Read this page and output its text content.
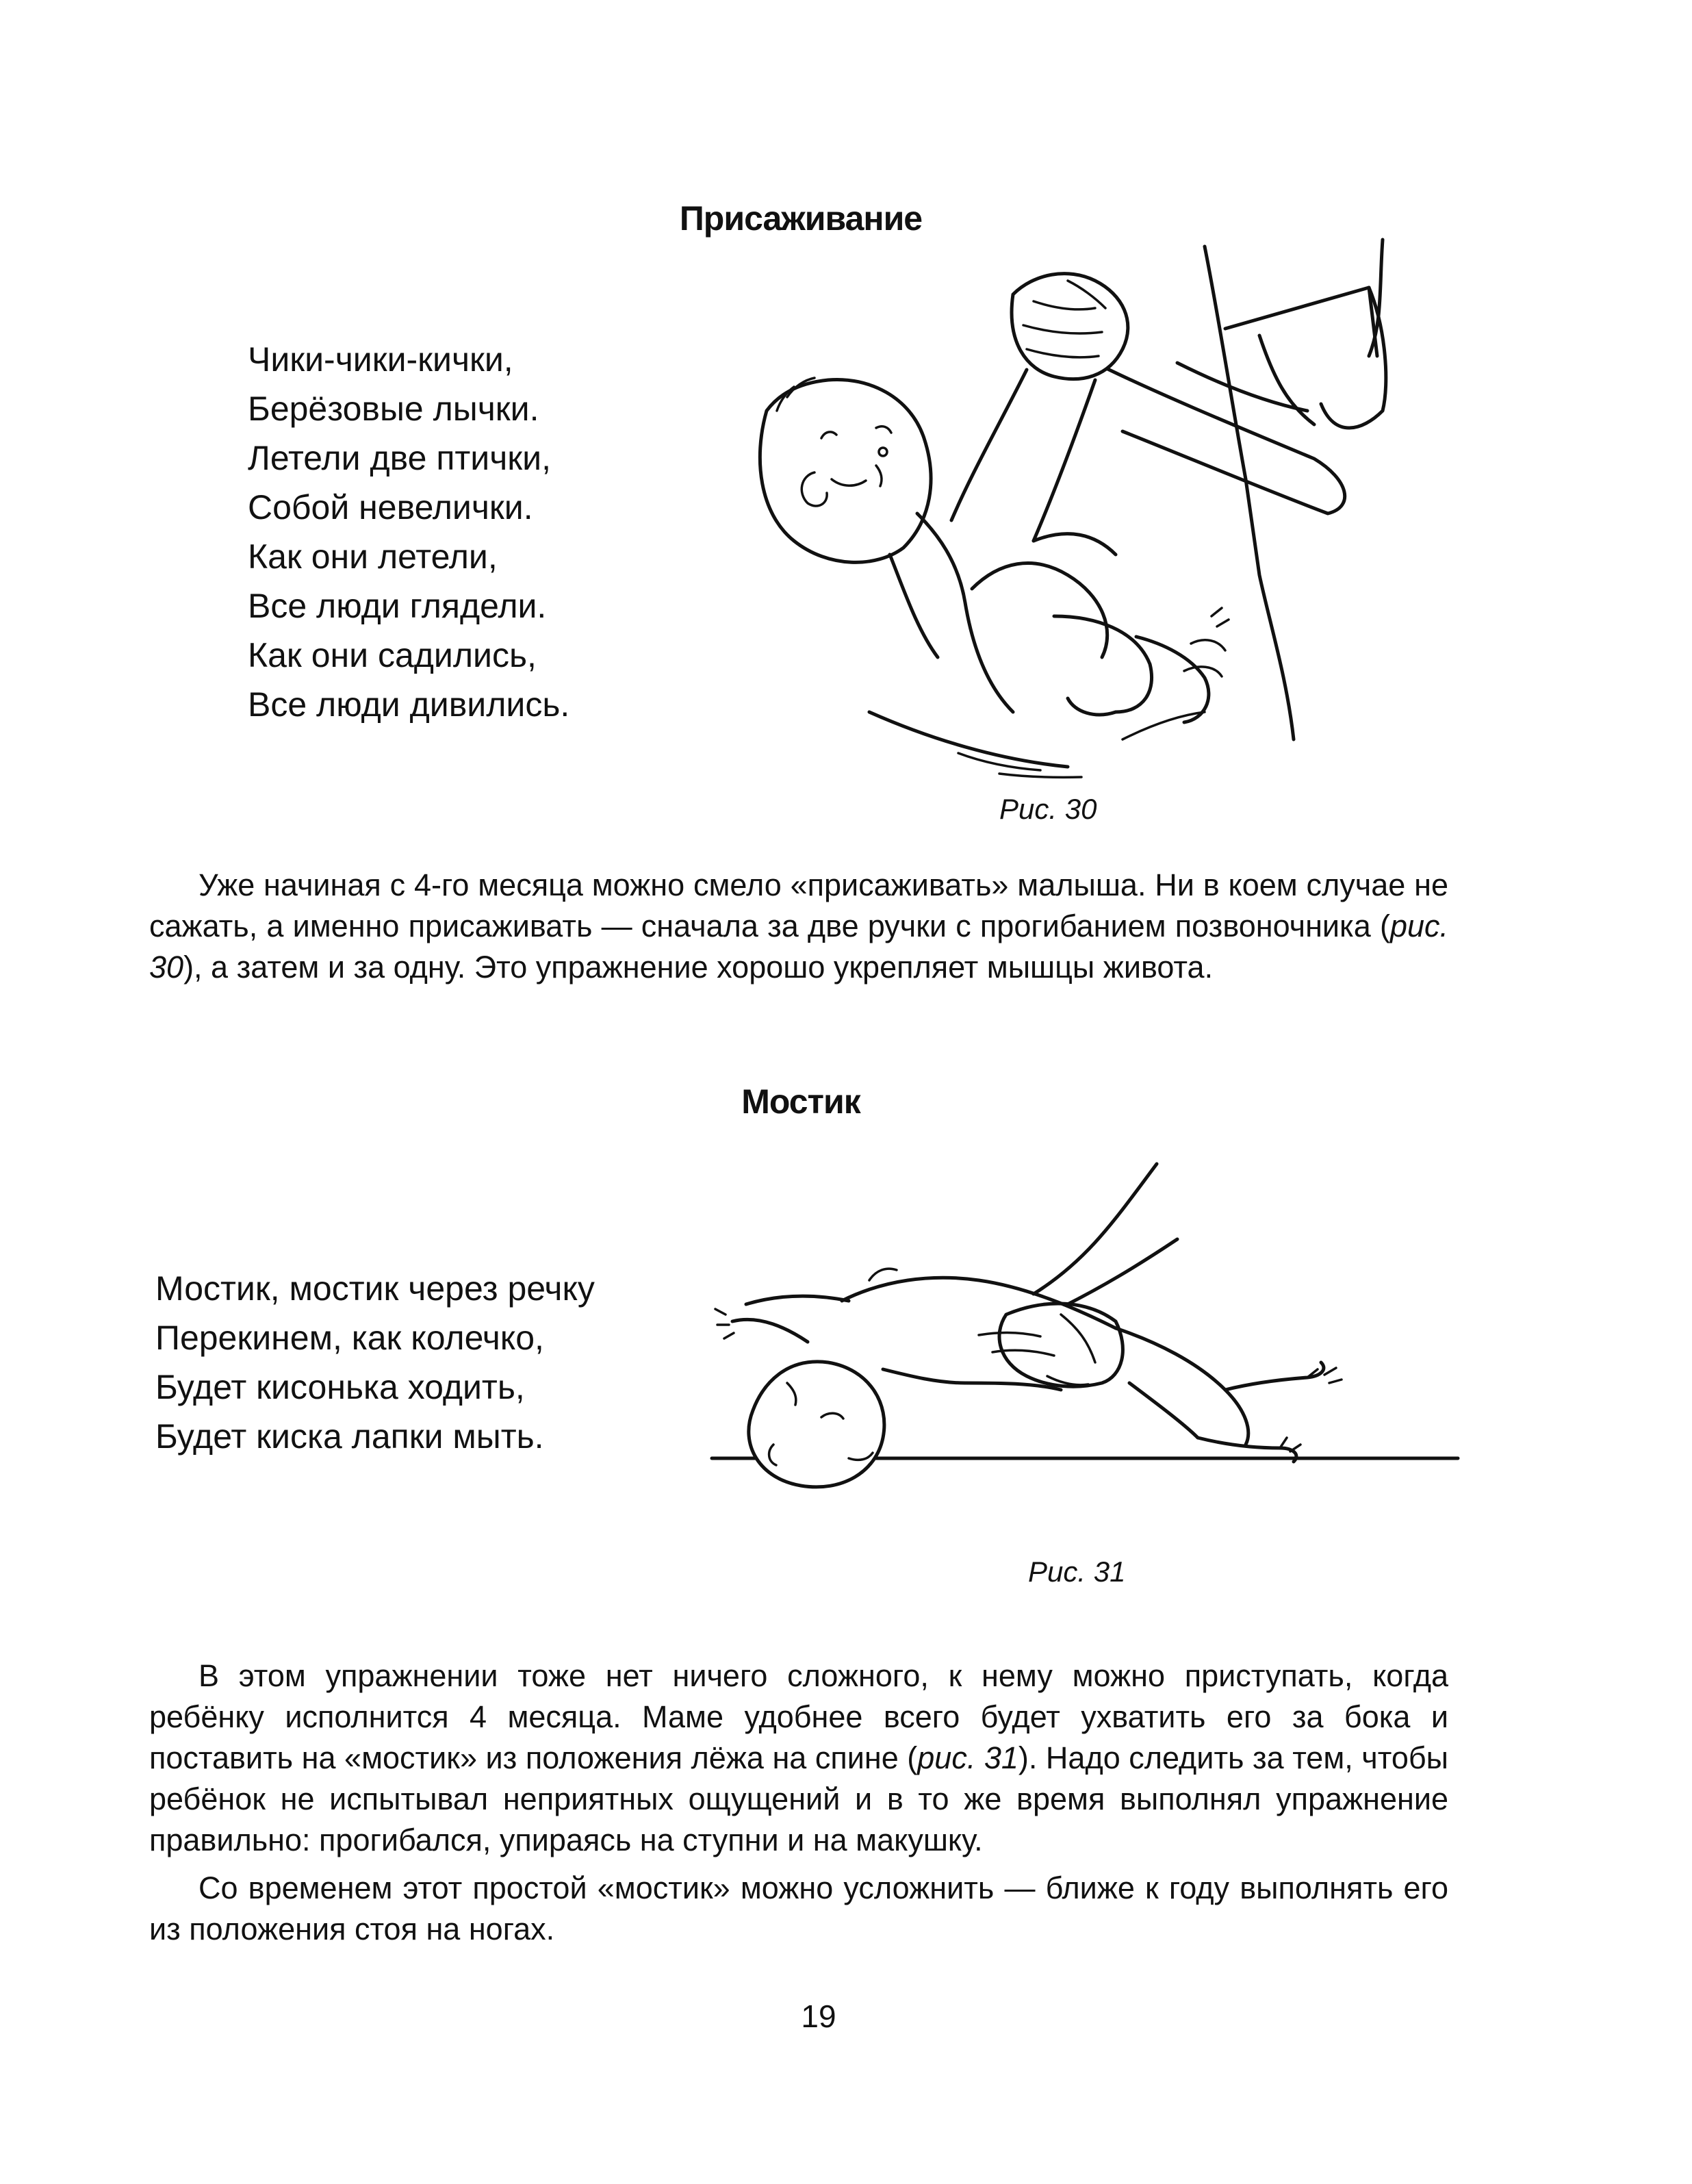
Присаживание
Чики-чики-кички,
Берёзовые лычки.
Летели две птички,
Собой невелички.
Как они летели,
Все люди глядели.
Как они садились,
Все люди дивились.
Рис. 30
Уже начиная с 4-го месяца можно смело «присаживать» малыша. Ни в коем случае не сажать, а именно присаживать — сначала за две ручки с прогибанием позвоночника (рис. 30), а затем и за одну. Это упражнение хорошо укрепляет мышцы живота.
Мостик
Мостик, мостик через речку
Перекинем, как колечко,
Будет кисонька ходить,
Будет киска лапки мыть.
Рис. 31
В этом упражнении тоже нет ничего сложного, к нему можно приступать, когда ребёнку исполнится 4 месяца. Маме удобнее всего будет ухватить его за бока и поставить на «мостик» из положения лёжа на спине (рис. 31). Надо следить за тем, чтобы ребёнок не испытывал неприятных ощущений и в то же время выполнял упражнение правильно: прогибался, упираясь на ступни и на макушку.
Со временем этот простой «мостик» можно усложнить — ближе к году выполнять его из положения стоя на ногах.
19
